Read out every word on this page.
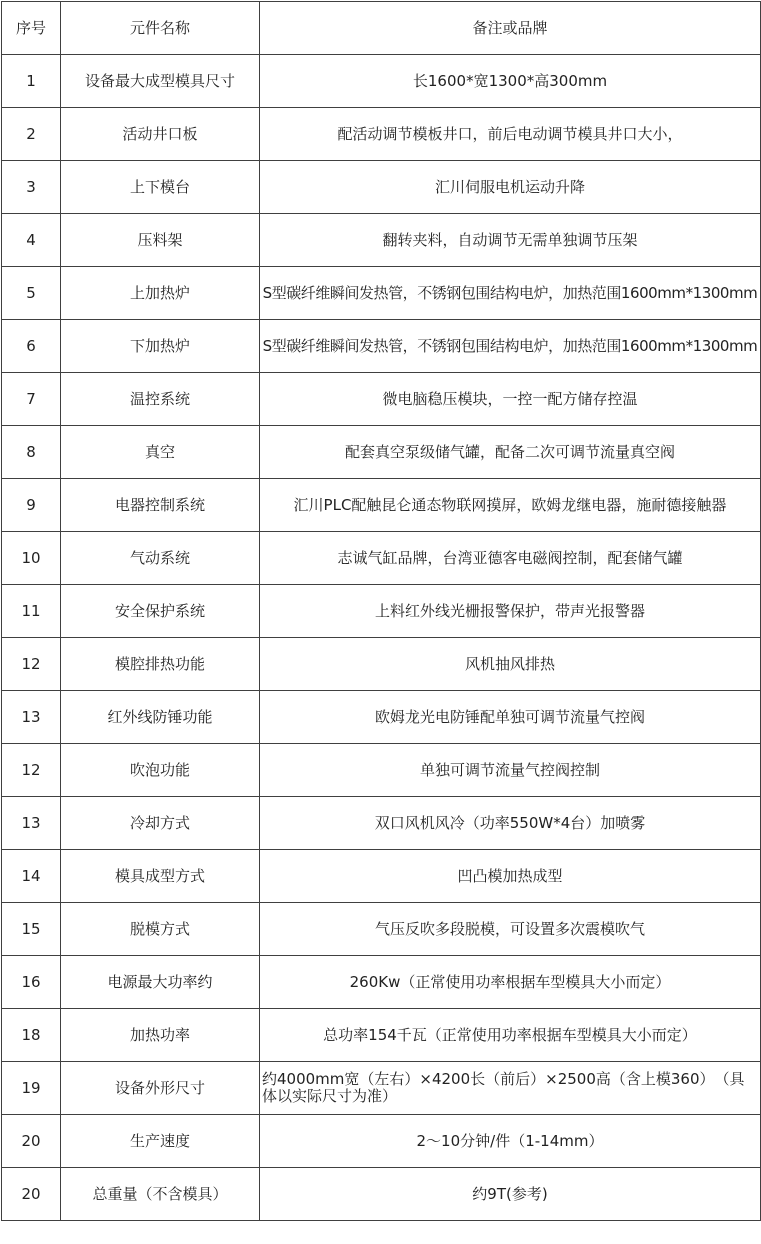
序号	元件名称	备注或品牌
1	设备最大成型模具尺寸	长1600*宽1300*高300mm
2	活动井口板	配活动调节模板井口，前后电动调节模具井口大小，
3	上下模台	汇川伺服电机运动升降
4	压料架	翻转夹料，自动调节无需单独调节压架
5	上加热炉	S型碳纤维瞬间发热管，不锈钢包围结构电炉，加热范围1600mm*1300mm
6	下加热炉	S型碳纤维瞬间发热管，不锈钢包围结构电炉，加热范围1600mm*1300mm
7	温控系统	微电脑稳压模块，一控一配方储存控温
8	真空	配套真空泵级储气罐，配备二次可调节流量真空阀
9	电器控制系统	汇川PLC配触昆仑通态物联网摸屏，欧姆龙继电器，施耐德接触器
10	气动系统	志诚气缸品牌，台湾亚德客电磁阀控制，配套储气罐
11	安全保护系统	上料红外线光栅报警保护，带声光报警器
12	模腔排热功能	风机抽风排热
13	红外线防锤功能	欧姆龙光电防锤配单独可调节流量气控阀
12	吹泡功能	单独可调节流量气控阀控制
13	冷却方式	双口风机风冷（功率550W*4台）加喷雾
14	模具成型方式	凹凸模加热成型
15	脱模方式	气压反吹多段脱模，可设置多次震模吹气
16	电源最大功率约	260Kw（正常使用功率根据车型模具大小而定）
18	加热功率	总功率154千瓦（正常使用功率根据车型模具大小而定）
19	设备外形尺寸	约4000mm宽（左右）×4200长（前后）×2500高（含上模360）　（具体以实际尺寸为准）
20	生产速度	2～10分钟/件（1-14mm）
20	总重量（不含模具）	约9T(参考)
